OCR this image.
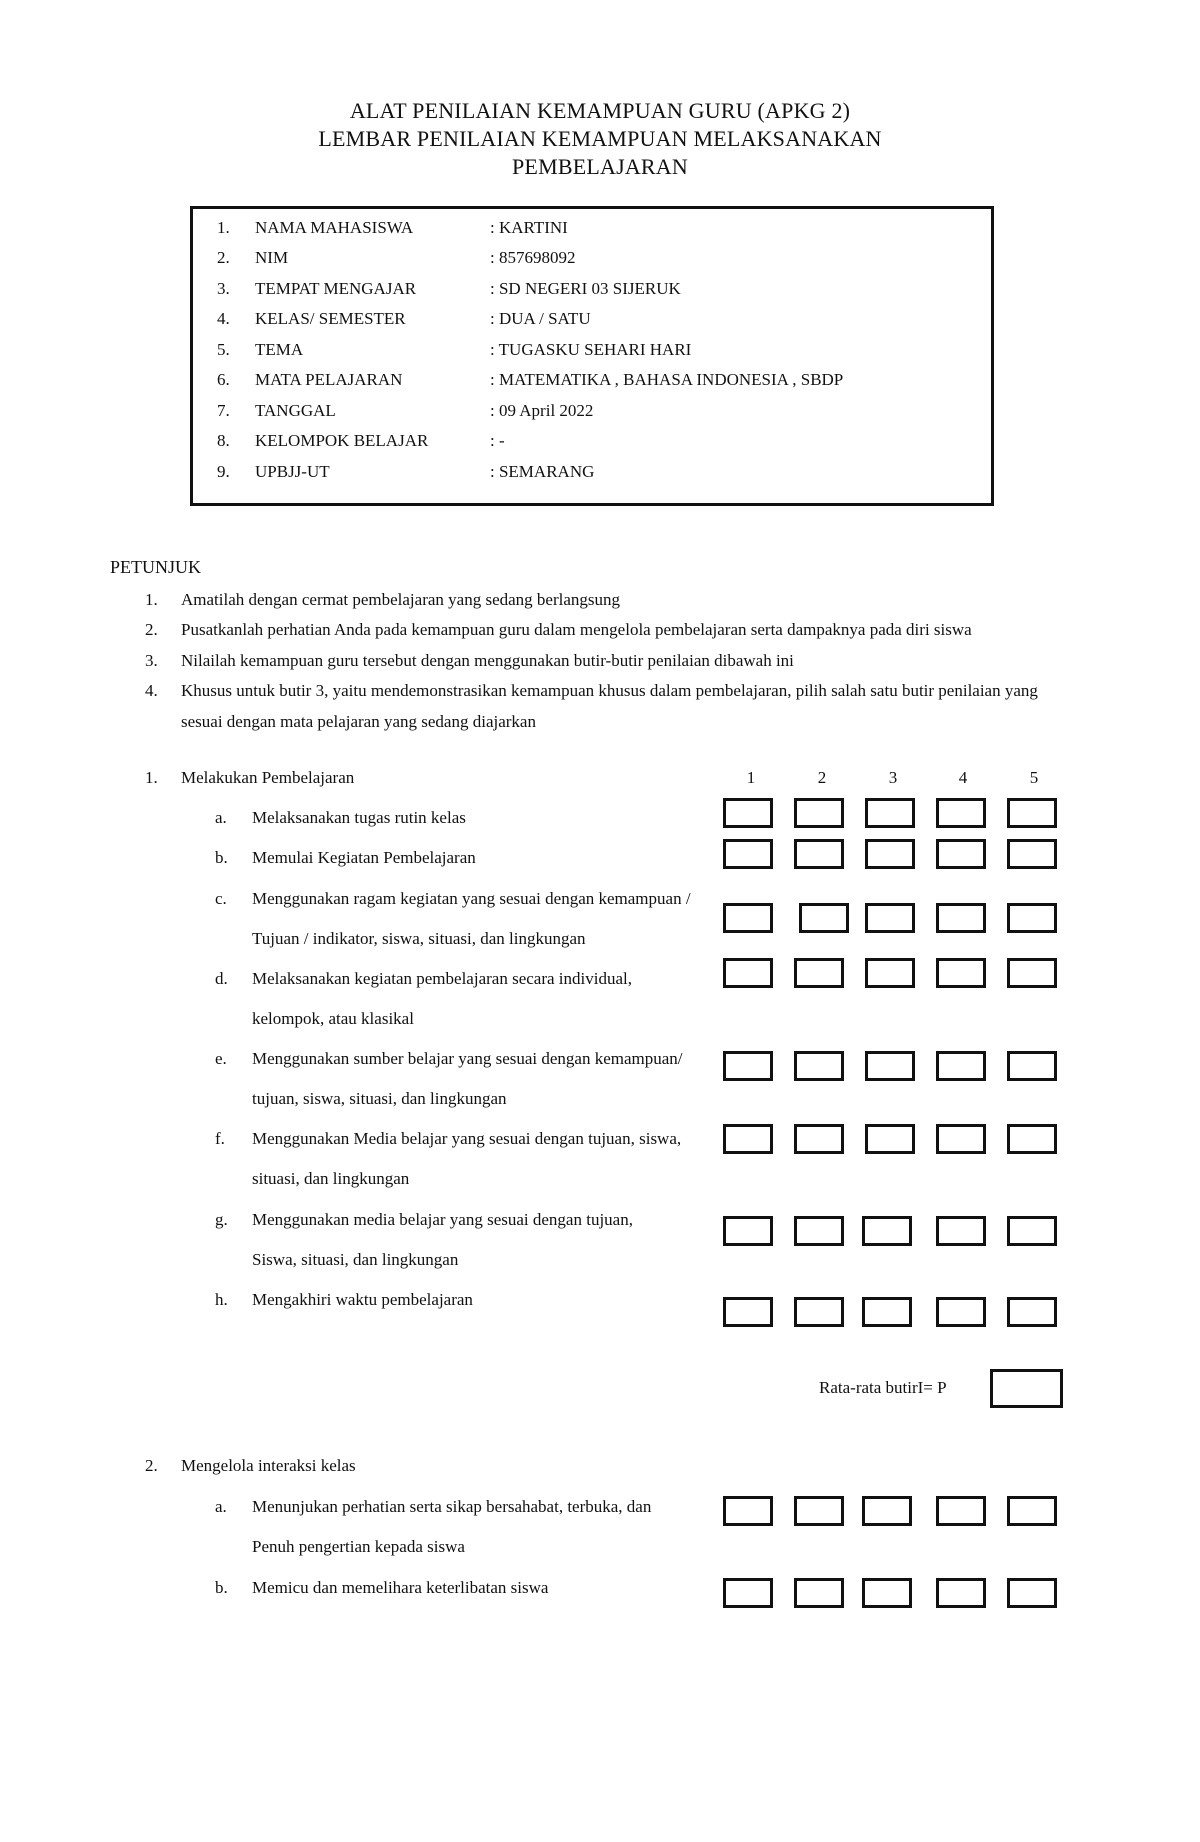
ALAT PENILAIAN KEMAMPUAN GURU (APKG 2)
LEMBAR PENILAIAN KEMAMPUAN MELAKSANAKAN
PEMBELAJARAN
1. NAMA MAHASISWA	: KARTINI
2. NIM	: 857698092
3. TEMPAT MENGAJAR	: SD NEGERI 03 SIJERUK
4. KELAS/ SEMESTER	: DUA / SATU
5. TEMA	: TUGASKU SEHARI HARI
6. MATA PELAJARAN	: MATEMATIKA , BAHASA INDONESIA , SBDP
7. TANGGAL	: 09 April 2022
8. KELOMPOK BELAJAR	: -
9. UPBJJ-UT	: SEMARANG
PETUNJUK
1. Amatilah dengan cermat pembelajaran yang sedang berlangsung
2. Pusatkanlah perhatian Anda pada kemampuan guru dalam mengelola pembelajaran serta dampaknya pada diri siswa
3. Nilailah kemampuan guru tersebut dengan menggunakan butir-butir penilaian dibawah ini
4. Khusus untuk butir 3, yaitu mendemonstrasikan kemampuan khusus dalam pembelajaran, pilih salah satu butir penilaian yang
sesuai dengan mata pelajaran yang sedang diajarkan
1. Melakukan Pembelajaran	1	2	3	4	5
a. Melaksanakan tugas rutin kelas
b. Memulai Kegiatan Pembelajaran
c. Menggunakan ragam kegiatan yang sesuai dengan kemampuan /
Tujuan / indikator, siswa, situasi, dan lingkungan
d. Melaksanakan kegiatan pembelajaran secara individual,
kelompok, atau klasikal
e. Menggunakan sumber belajar yang sesuai dengan kemampuan/
tujuan, siswa, situasi, dan lingkungan
f. Menggunakan Media belajar yang sesuai dengan tujuan, siswa,
situasi, dan lingkungan
g. Menggunakan media belajar yang sesuai dengan tujuan,
Siswa, situasi, dan lingkungan
h. Mengakhiri waktu pembelajaran
Rata-rata butirI= P
2. Mengelola interaksi kelas
a. Menunjukan perhatian serta sikap bersahabat, terbuka, dan
Penuh pengertian kepada siswa
b. Memicu dan memelihara keterlibatan siswa
